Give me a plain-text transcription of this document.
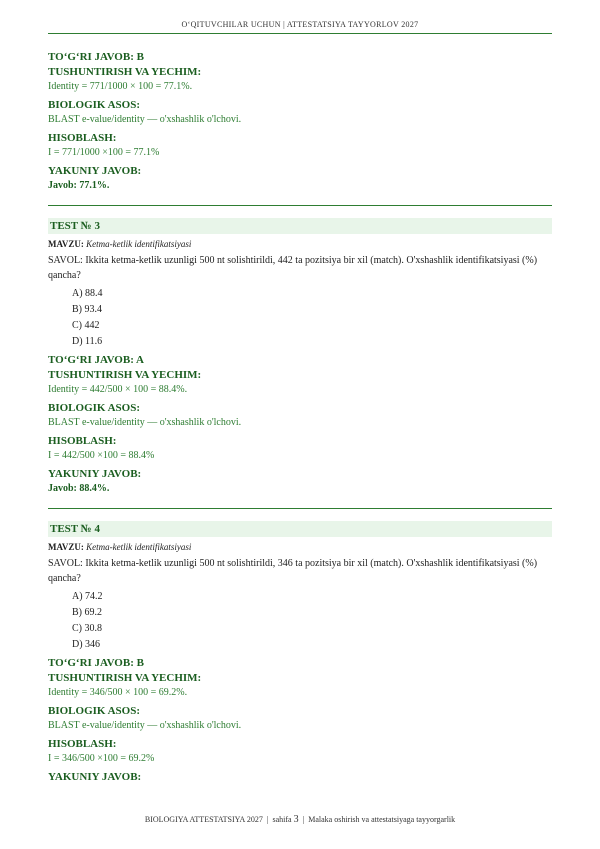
O‘QITUVCHILAR UCHUN | ATTESTATSIYA TAYYORLOV 2027

TO‘G‘RI JAVOB: B

TUSHUNTIRISH VA YECHIM:

Identity = 771/1000 × 100 = 77.1%.

BIOLOGIK ASOS:

BLAST e-value/identity — o'xshashlik o'lchovi.

HISOBLASH:

I = 771/1000 ×100 = 77.1%

YAKUNIY JAVOB:

Javob: 77.1%.

TEST № 3

MAVZU: Ketma-ketlik identifikatsiyasi

SAVOL: Ikkita ketma-ketlik uzunligi 500 nt solishtirildi, 442 ta pozitsiya bir xil (match). O'xshashlik identifikatsiyasi (%) qancha?

A) 88.4
B) 93.4
C) 442
D) 11.6

TO‘G‘RI JAVOB: A

TUSHUNTIRISH VA YECHIM:

Identity = 442/500 × 100 = 88.4%.

BIOLOGIK ASOS:

BLAST e-value/identity — o'xshashlik o'lchovi.

HISOBLASH:

I = 442/500 ×100 = 88.4%

YAKUNIY JAVOB:

Javob: 88.4%.

TEST № 4

MAVZU: Ketma-ketlik identifikatsiyasi

SAVOL: Ikkita ketma-ketlik uzunligi 500 nt solishtirildi, 346 ta pozitsiya bir xil (match). O'xshashlik identifikatsiyasi (%) qancha?

A) 74.2
B) 69.2
C) 30.8
D) 346

TO‘G‘RI JAVOB: B

TUSHUNTIRISH VA YECHIM:

Identity = 346/500 × 100 = 69.2%.

BIOLOGIK ASOS:

BLAST e-value/identity — o'xshashlik o'lchovi.

HISOBLASH:

I = 346/500 ×100 = 69.2%

YAKUNIY JAVOB:

BIOLOGIYA ATTESTATSIYA 2027  |  sahifa 3  |  Malaka oshirish va attestatsiyaga tayyorgarlik
